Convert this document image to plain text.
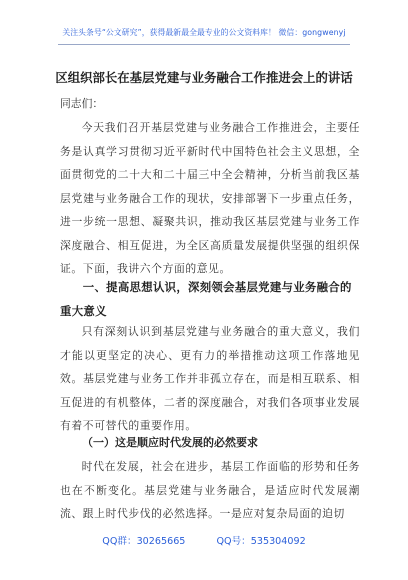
关注头条号“公文研究”，获得最新最全最专业的公文资料库！ 微信：gongwenyj
区组织部长在基层党建与业务融合工作推进会上的讲话
同志们：

今天我们召开基层党建与业务融合工作推进会，主要任务是认真学习贯彻习近平新时代中国特色社会主义思想，全面贯彻党的二十大和二十届三中全会精神，分析当前我区基层党建与业务融合工作的现状，安排部署下一步重点任务，进一步统一思想、凝聚共识，推动我区基层党建与业务工作深度融合、相互促进，为全区高质量发展提供坚强的组织保证。下面，我讲六个方面的意见。

一、提高思想认识，深刻领会基层党建与业务融合的重大意义

只有深刻认识到基层党建与业务融合的重大意义，我们才能以更坚定的决心、更有力的举措推动这项工作落地见效。基层党建与业务工作并非孤立存在，而是相互联系、相互促进的有机整体，二者的深度融合，对我们各项事业发展有着不可替代的重要作用。

（一）这是顺应时代发展的必然要求

时代在发展，社会在进步，基层工作面临的形势和任务也在不断变化。基层党建与业务融合，是适应时代发展潮流、跟上时代步伐的必然选择。一是应对复杂局面的迫切

QQ群：30265665	QQ号：535304092
